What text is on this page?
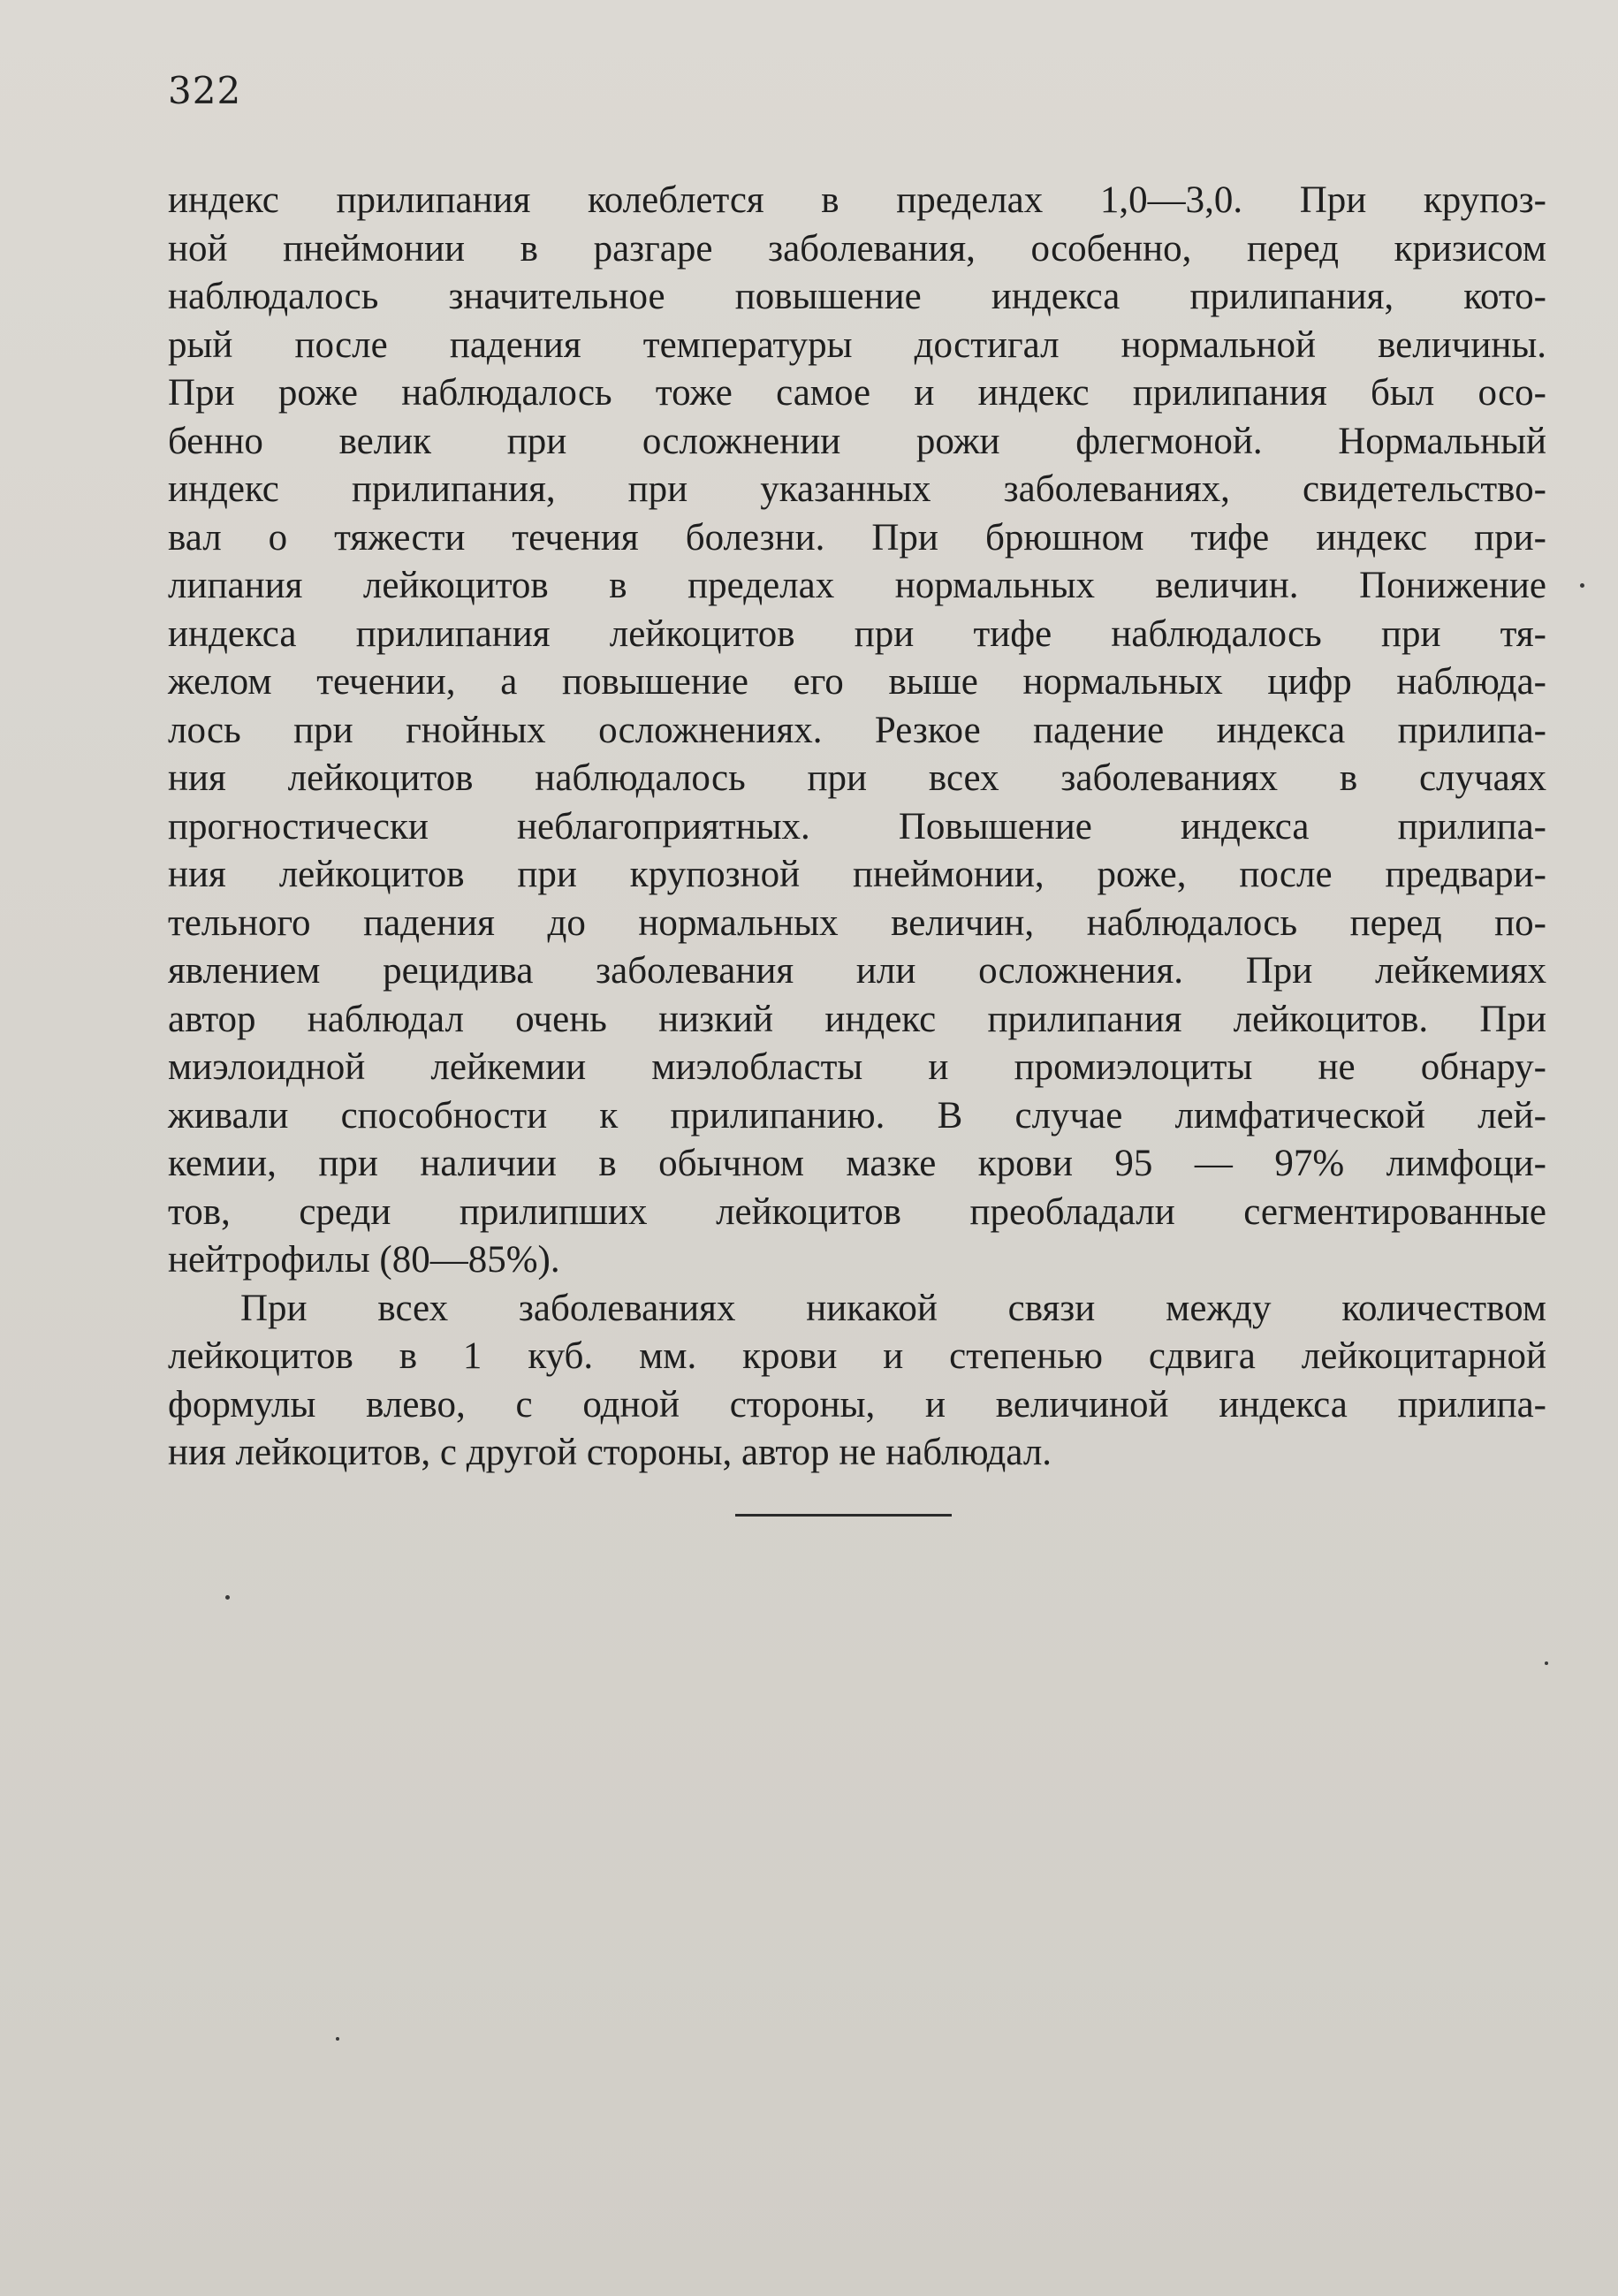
322

индекс прилипания колеблется в пределах 1,0—3,0. При крупоз-

ной пнеймонии в разгаре заболевания, особенно, перед кризисом

наблюдалось значительное повышение индекса прилипания, кото-

рый после падения температуры достигал нормальной величины.

При роже наблюдалось тоже самое и индекс прилипания был осо-

бенно велик при осложнении рожи флегмоной. Нормальный

индекс прилипания, при указанных заболеваниях, свидетельство-

вал о тяжести течения болезни. При брюшном тифе индекс при-

липания лейкоцитов в пределах нормальных величин. Понижение

индекса прилипания лейкоцитов при тифе наблюдалось при тя-

желом течении, а повышение его выше нормальных цифр наблюда-

лось при гнойных осложнениях. Резкое падение индекса прилипа-

ния лейкоцитов наблюдалось при всех заболеваниях в случаях

прогностически неблагоприятных. Повышение индекса прилипа-

ния лейкоцитов при крупозной пнеймонии, роже, после предвари-

тельного падения до нормальных величин, наблюдалось перед по-

явлением рецидива заболевания или осложнения. При лейкемиях

автор наблюдал очень низкий индекс прилипания лейкоцитов. При

миэлоидной лейкемии миэлобласты и промиэлоциты не обнару-

живали способности к прилипанию. В случае лимфатической лей-

кемии, при наличии в обычном мазке крови 95 — 97% лимфоци-

тов, среди прилипших лейкоцитов преобладали сегментированные

нейтрофилы (80—85%).

При всех заболеваниях никакой связи между количеством

лейкоцитов в 1 куб. мм. крови и степенью сдвига лейкоцитарной

формулы влево, с одной стороны, и величиной индекса прилипа-

ния лейкоцитов, с другой стороны, автор не наблюдал.
